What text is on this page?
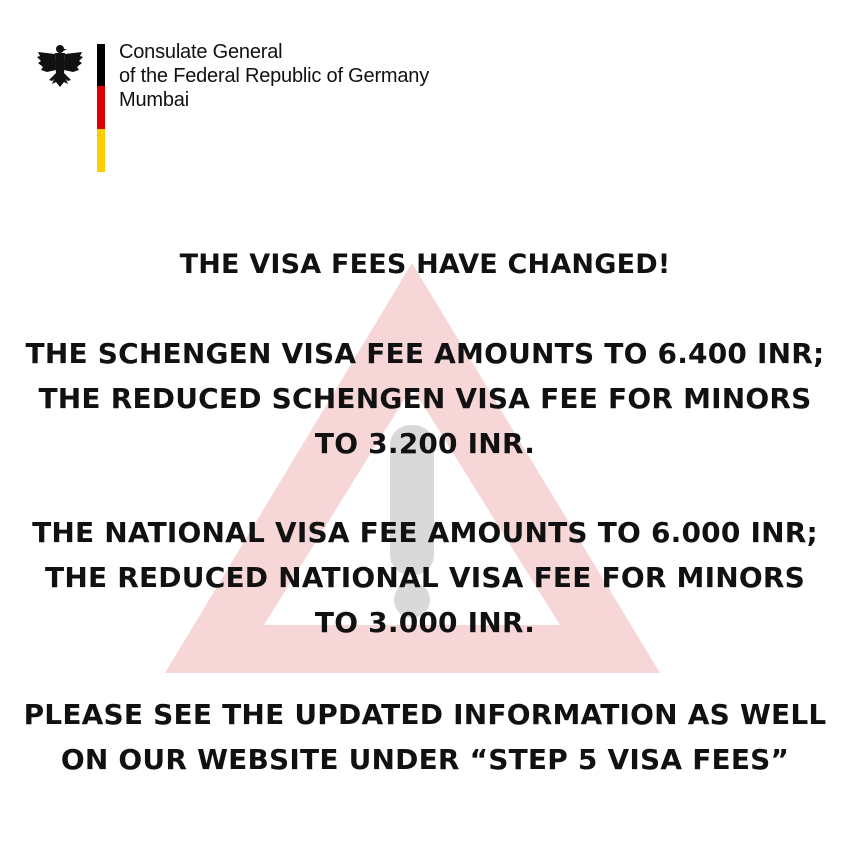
Consulate General
of the Federal Republic of Germany
Mumbai
THE VISA FEES HAVE CHANGED!
THE SCHENGEN VISA FEE AMOUNTS TO 6.400 INR;
THE REDUCED SCHENGEN VISA FEE FOR MINORS
TO 3.200 INR.
THE NATIONAL VISA FEE AMOUNTS TO 6.000 INR;
THE REDUCED NATIONAL VISA FEE FOR MINORS
TO 3.000 INR.
PLEASE SEE THE UPDATED INFORMATION AS WELL
ON OUR WEBSITE UNDER “STEP 5 VISA FEES”
